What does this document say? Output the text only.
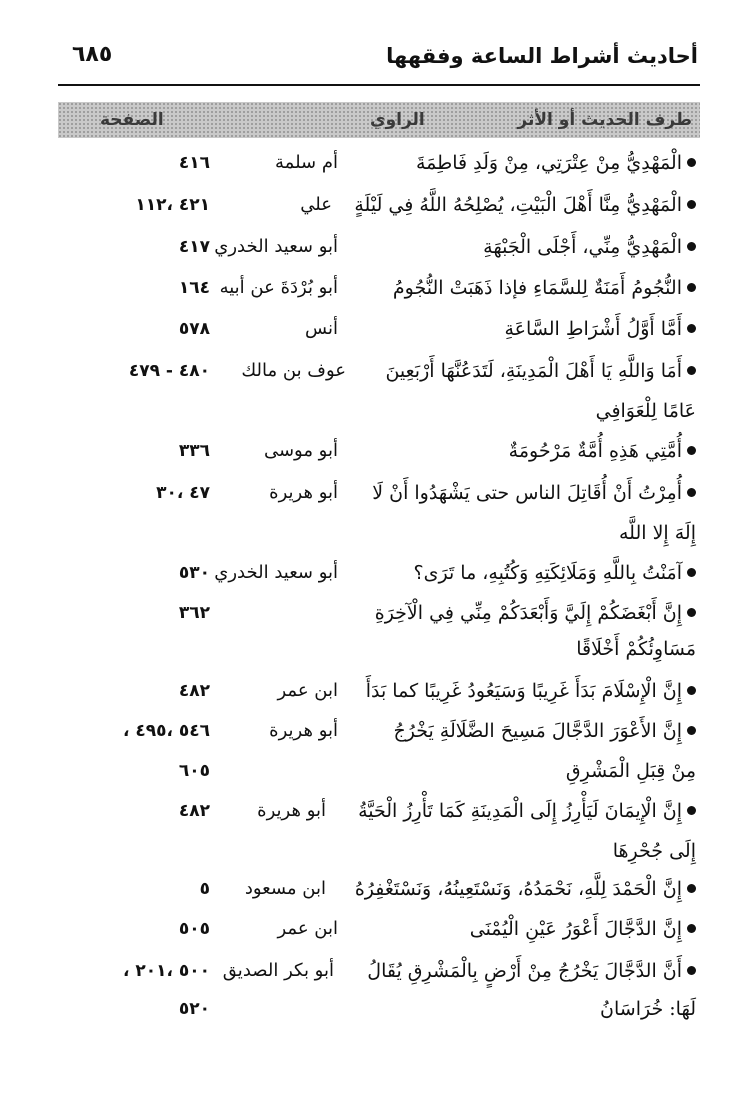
أحاديث أشراط الساعة وفقهها
٦٨٥
طرف الحديث أو الأثر
الراوي
الصفحة
الْمَهْدِيُّ مِنْ عِتْرَتِي، مِنْ وَلَدِ فَاطِمَةَ
أم سلمة
٤١٦
الْمَهْدِيُّ مِنَّا أَهْلَ الْبَيْتِ، يُصْلِحُهُ اللَّهُ فِي لَيْلَةٍ
علي
٤٢١ ،١١٢
الْمَهْدِيُّ مِنِّي، أَجْلَى الْجَبْهَةِ
أبو سعيد الخدري
٤١٧
النُّجُومُ أَمَنَةٌ لِلسَّمَاءِ فإذا ذَهَبَتْ النُّجُومُ
أبو بُرْدَةَ عن أبيه
١٦٤
أَمَّا أَوَّلُ أَشْرَاطِ السَّاعَةِ
أنس
٥٧٨
أَمَا وَاللَّهِ يَا أَهْلَ الْمَدِينَةِ، لَتَدَعُنَّهَا أَرْبَعِينَ
عوف بن مالك
٤٨٠ - ٤٧٩
عَامًا لِلْعَوَافِي
أُمَّتِي هَذِهِ أُمَّةٌ مَرْحُومَةٌ
أبو موسى
٣٣٦
أُمِرْتُ أَنْ أُقَاتِلَ الناس حتى يَشْهَدُوا أَنْ لَا
أبو هريرة
٤٧ ،٣٠
إِلَهَ إِلا اللَّه
آمَنْتُ بِاللَّهِ وَمَلَائِكَتِهِ وَكُتُبِهِ، ما تَرَى؟
أبو سعيد الخدري
٥٣٠
إِنَّ أَبْغَضَكُمْ إِلَيَّ وَأَبْعَدَكُمْ مِنِّي فِي الْآخِرَةِ
٣٦٢
مَسَاوِئُكُمْ أَخْلَاقًا
إِنَّ الْإِسْلَامَ بَدَأَ غَرِيبًا وَسَيَعُودُ غَرِيبًا كما بَدَأَ
ابن عمر
٤٨٢
إِنَّ الأَعْوَرَ الدَّجَّالَ مَسِيحَ الضَّلَالَةِ يَخْرُجُ
أبو هريرة
٥٤٦ ،٤٩٥ ،
مِنْ قِبَلِ الْمَشْرِقِ
٦٠٥
إِنَّ الْإِيمَانَ لَيَأْرِزُ إِلَى الْمَدِينَةِ كَمَا تَأْرِزُ الْحَيَّةُ
أبو هريرة
٤٨٢
إِلَى جُحْرِهَا
إِنَّ الْحَمْدَ لِلَّهِ، نَحْمَدُهُ، وَنَسْتَعِينُهُ، وَنَسْتَغْفِرُهُ
ابن مسعود
٥
إِنَّ الدَّجَّالَ أَعْوَرُ عَيْنِ الْيُمْنَى
ابن عمر
٥٠٥
أَنَّ الدَّجَّالَ يَخْرُجُ مِنْ أَرْضٍ بِالْمَشْرِقِ يُقَالُ
أبو بكر الصديق
٥٠٠ ،٢٠١ ،
لَهَا: خُرَاسَانُ
٥٢٠
